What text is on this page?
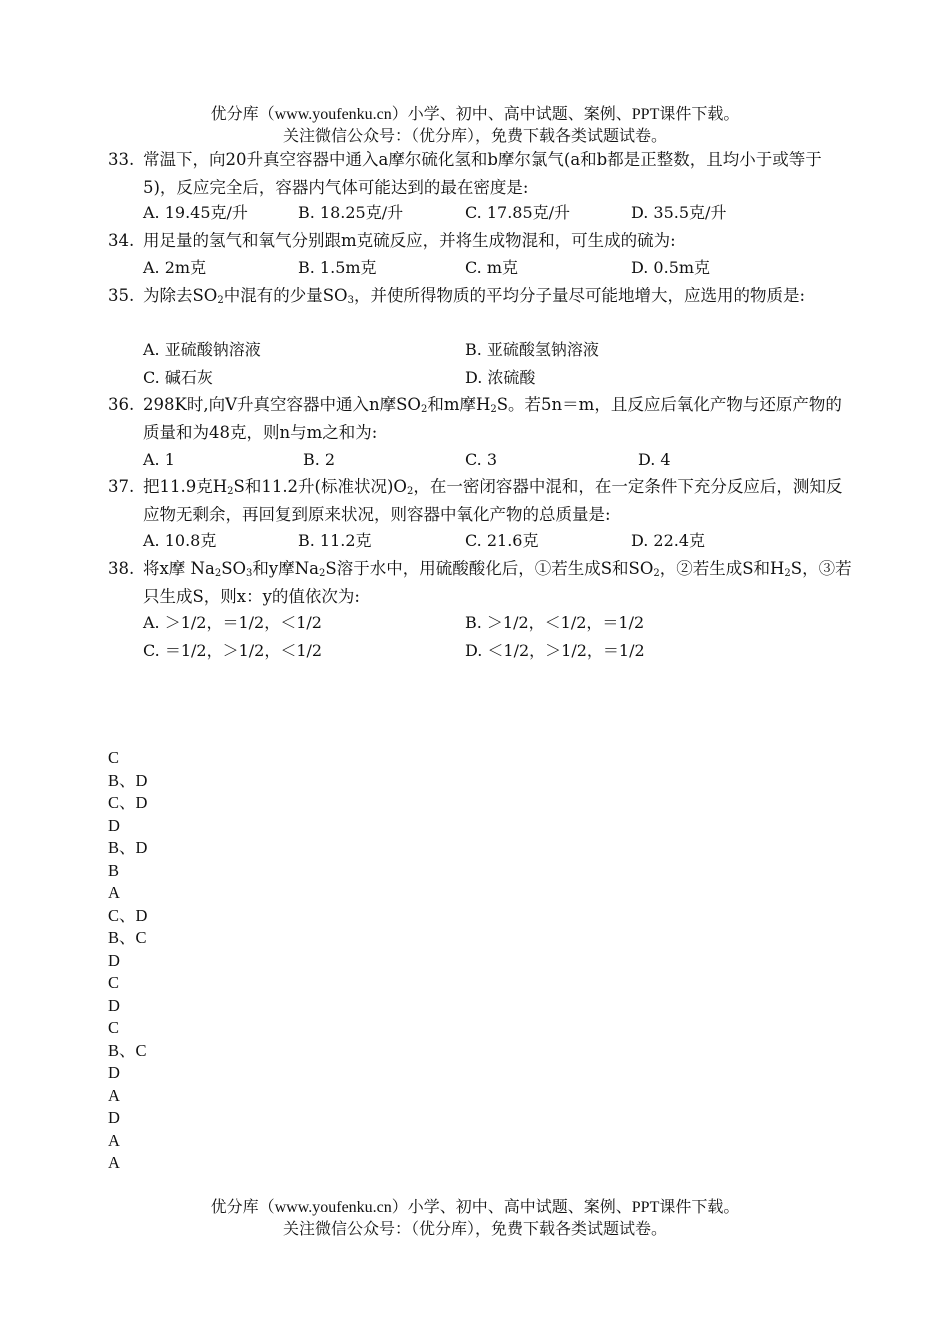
优分库（www.youfenku.cn）小学、初中、高中试题、案例、PPT课件下载。
关注微信公众号：（优分库），免费下载各类试题试卷。
33. 常温下，向20升真空容器中通入a摩尔硫化氢和b摩尔氯气(a和b都是正整数，且均小于或等于5)，反应完全后，容器内气体可能达到的最在密度是:
A. 19.45克/升	B. 18.25克/升	C. 17.85克/升	D. 35.5克/升
34. 用足量的氢气和氧气分别跟m克硫反应，并将生成物混和，可生成的硫为:
A. 2m克	B. 1.5m克	C. m克	D. 0.5m克
35. 为除去$SO_2$中混有的少量$SO_3$，并使所得物质的平均分子量尽可能地增大，应选用的物质是:
A. 亚硫酸钠溶液	B. 亚硫酸氢钠溶液
C. 碱石灰	D. 浓硫酸
36. 298K时,向V升真空容器中通入n摩$SO_2$和m摩$H_2S$。若5n＝m，且反应后氧化产物与还原产物的质量和为48克，则n与m之和为:
A. 1	B. 2	C. 3	D. 4
37. 把11.9克$H_2S$和11.2升(标准状况)$O_2$，在一密闭容器中混和，在一定条件下充分反应后，测知反应物无剩余，再回复到原来状况，则容器中氧化产物的总质量是:
A. 10.8克	B. 11.2克	C. 21.6克	D. 22.4克
38. 将x摩 $Na_2SO_3$和y摩$Na_2S$溶于水中，用硫酸酸化后，①若生成S和$SO_2$，②若生成S和$H_2S$，③若只生成S，则x：y的值依次为:
A. ＞1/2，＝1/2，＜1/2	B. ＞1/2，＜1/2，＝1/2
C. ＝1/2，＞1/2，＜1/2	D. ＜1/2，＞1/2，＝1/2
C
B、D
C、D
D
B、D
B
A
C、D
B、C
D
C
D
C
B、C
D
A
D
A
A
优分库（www.youfenku.cn）小学、初中、高中试题、案例、PPT课件下载。
关注微信公众号：（优分库），免费下载各类试题试卷。
